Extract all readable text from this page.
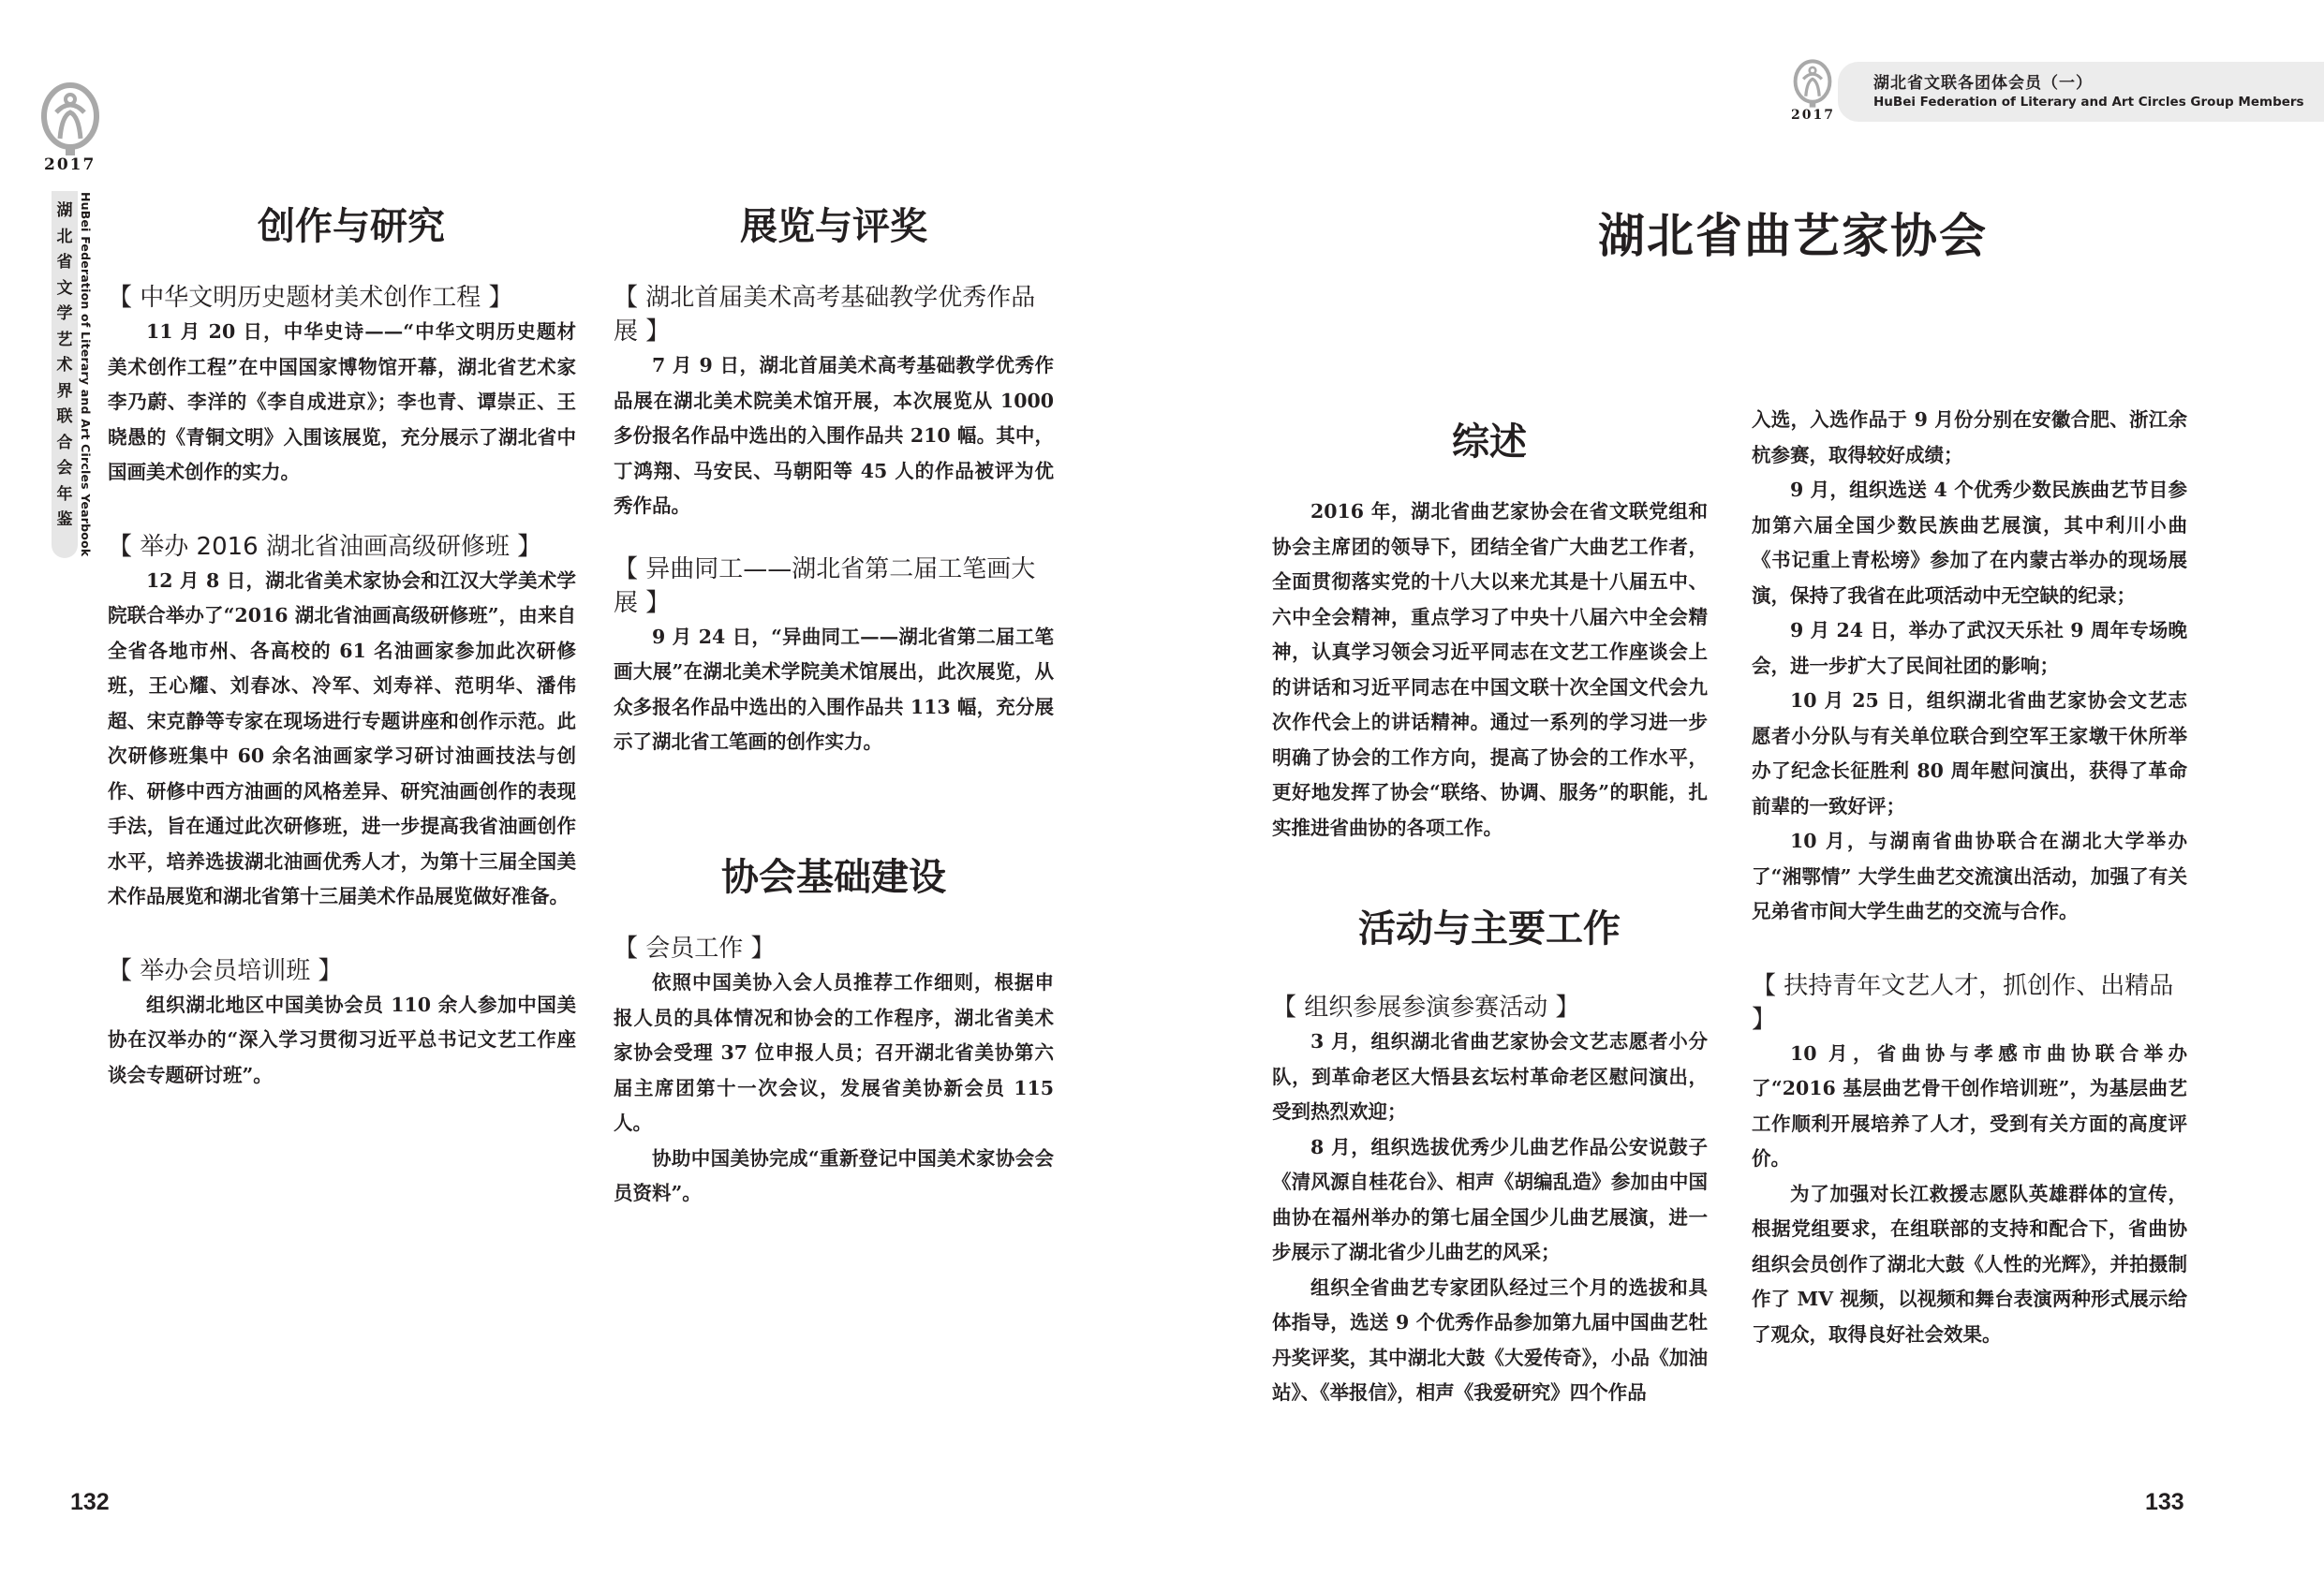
2017
湖
北
省
文
学
艺
术
界
联
合
会
年
鉴 HuBei Federation of Literary and Art Circles Yearbook	创作与研究

【 中华文明历史题材美术创作工程 】

11 月 20 日，中华史诗——“中华文明历史题材美术创作工程”在中国国家博物馆开幕，湖北省艺术家李乃蔚、李洋的《李自成进京》；李也青、谭崇正、王晓愚的《青铜文明》入围该展览，充分展示了湖北省中国画美术创作的实力。

【 举办 2016 湖北省油画高级研修班 】

12 月 8 日，湖北省美术家协会和江汉大学美术学院联合举办了“2016 湖北省油画高级研修班”，由来自全省各地市州、各高校的 61 名油画家参加此次研修班，王心耀、刘春冰、冷军、刘寿祥、范明华、潘伟超、宋克静等专家在现场进行专题讲座和创作示范。此次研修班集中 60 余名油画家学习研讨油画技法与创作、研修中西方油画的风格差异、研究油画创作的表现手法，旨在通过此次研修班，进一步提高我省油画创作水平，培养选拔湖北油画优秀人才，为第十三届全国美术作品展览和湖北省第十三届美术作品展览做好准备。

【 举办会员培训班 】

组织湖北地区中国美协会员 110 余人参加中国美协在汉举办的“深入学习贯彻习近平总书记文艺工作座谈会专题研讨班”。

展览与评奖

【 湖北首届美术高考基础教学优秀作品展 】

7 月 9 日，湖北首届美术高考基础教学优秀作品展在湖北美术院美术馆开展，本次展览从 1000 多份报名作品中选出的入围作品共 210 幅。其中，丁鸿翔、马安民、马朝阳等 45 人的作品被评为优秀作品。

【 异曲同工——湖北省第二届工笔画大展 】

9 月 24 日，“异曲同工——湖北省第二届工笔画大展”在湖北美术学院美术馆展出，此次展览，从众多报名作品中选出的入围作品共 113 幅，充分展示了湖北省工笔画的创作实力。

协会基础建设

【 会员工作 】

依照中国美协入会人员推荐工作细则，根据申报人员的具体情况和协会的工作程序，湖北省美术家协会受理 37 位申报人员；召开湖北省美协第六届主席团第十一次会议，发展省美协新会员 115 人。

协助中国美协完成“重新登记中国美术家协会会员资料”。

132
2017
湖北省文联各团体会员（一）
HuBei Federation of Literary and Art Circles Group Members
湖北省曲艺家协会
综述

2016 年，湖北省曲艺家协会在省文联党组和协会主席团的领导下，团结全省广大曲艺工作者，全面贯彻落实党的十八大以来尤其是十八届五中、六中全会精神，重点学习了中央十八届六中全会精神，认真学习领会习近平同志在文艺工作座谈会上的讲话和习近平同志在中国文联十次全国文代会九次作代会上的讲话精神。通过一系列的学习进一步明确了协会的工作方向，提高了协会的工作水平，更好地发挥了协会“联络、协调、服务”的职能，扎实推进省曲协的各项工作。

活动与主要工作

【 组织参展参演参赛活动 】

3 月，组织湖北省曲艺家协会文艺志愿者小分队，到革命老区大悟县玄坛村革命老区慰问演出，受到热烈欢迎；

8 月，组织选拔优秀少儿曲艺作品公安说鼓子《清风源自桂花台》、相声《胡编乱造》参加由中国曲协在福州举办的第七届全国少儿曲艺展演，进一步展示了湖北省少儿曲艺的风采；

组织全省曲艺专家团队经过三个月的选拔和具体指导，选送 9 个优秀作品参加第九届中国曲艺牡丹奖评奖，其中湖北大鼓《大爱传奇》，小品《加油站》、《举报信》，相声《我爱研究》四个作品

入选，入选作品于 9 月份分别在安徽合肥、浙江余杭参赛，取得较好成绩；

9 月，组织选送 4 个优秀少数民族曲艺节目参加第六届全国少数民族曲艺展演，其中利川小曲《书记重上青松塝》参加了在内蒙古举办的现场展演，保持了我省在此项活动中无空缺的纪录；

9 月 24 日，举办了武汉天乐社 9 周年专场晚会，进一步扩大了民间社团的影响；

10 月 25 日，组织湖北省曲艺家协会文艺志愿者小分队与有关单位联合到空军王家墩干休所举办了纪念长征胜利 80 周年慰问演出，获得了革命前辈的一致好评；

10 月，与湖南省曲协联合在湖北大学举办了“湘鄂情” 大学生曲艺交流演出活动，加强了有关兄弟省市间大学生曲艺的交流与合作。

【 扶持青年文艺人才，抓创作、出精品 】

10 月，省曲协与孝感市曲协联合举办了“2016 基层曲艺骨干创作培训班”，为基层曲艺工作顺利开展培养了人才，受到有关方面的高度评价。

为了加强对长江救援志愿队英雄群体的宣传，根据党组要求，在组联部的支持和配合下，省曲协组织会员创作了湖北大鼓《人性的光辉》，并拍摄制作了 MV 视频，以视频和舞台表演两种形式展示给了观众，取得良好社会效果。

133
